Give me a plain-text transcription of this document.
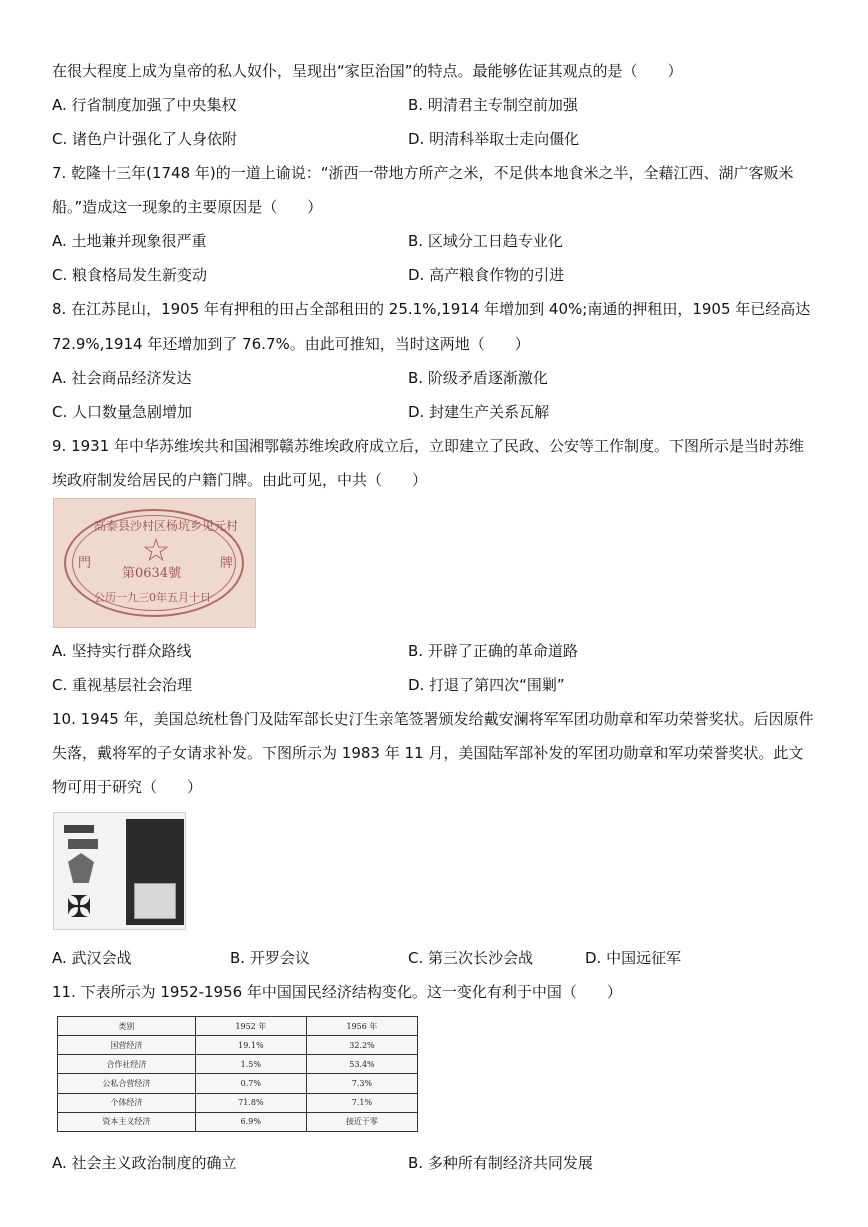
在很大程度上成为皇帝的私人奴仆，呈现出“家臣治国”的特点。最能够佐证其观点的是（　　）
A. 行省制度加强了中央集权	B. 明清君主专制空前加强
C. 诸色户计强化了人身依附	D. 明清科举取士走向僵化
7. 乾隆十三年(1748 年)的一道上谕说：“浙西一带地方所产之米，不足供本地食米之半，全藉江西、湖广客贩米
船。”造成这一现象的主要原因是（　　）
A. 土地兼并现象很严重	B. 区域分工日趋专业化
C. 粮食格局发生新变动	D. 高产粮食作物的引进
8. 在江苏昆山，1905 年有押租的田占全部租田的 25.1%,1914 年增加到 40%;南通的押租田，1905 年已经高达
72.9%,1914 年还增加到了 76.7%。由此可推知，当时这两地（　　）
A. 社会商品经济发达	B. 阶级矛盾逐渐激化
C. 人口数量急剧增加	D. 封建生产关系瓦解
9. 1931 年中华苏维埃共和国湘鄂赣苏维埃政府成立后，立即建立了民政、公安等工作制度。下图所示是当时苏维
埃政府制发给居民的户籍门牌。由此可见，中共（　　）
高泰县沙村区杨坑乡见元村
☆
門	牌
第0634號
公历一九三0年五月十日
A. 坚持实行群众路线	B. 开辟了正确的革命道路
C. 重视基层社会治理	D. 打退了第四次“围剿”
10. 1945 年，美国总统杜鲁门及陆军部长史汀生亲笔签署颁发给戴安澜将军军团功勋章和军功荣誉奖状。后因原件
失落，戴将军的子女请求补发。下图所示为 1983 年 11 月，美国陆军部补发的军团功勋章和军功荣誉奖状。此文
物可用于研究（　　）
✠
A. 武汉会战	B. 开罗会议	C. 第三次长沙会战	D. 中国远征军
11. 下表所示为 1952-1956 年中国国民经济结构变化。这一变化有利于中国（　　）
类别	1952 年	1956 年
国营经济	19.1%	32.2%
合作社经济	1.5%	53.4%
公私合营经济	0.7%	7.3%
个体经济	71.8%	7.1%
资本主义经济	6.9%	接近于零
A. 社会主义政治制度的确立	B. 多种所有制经济共同发展
